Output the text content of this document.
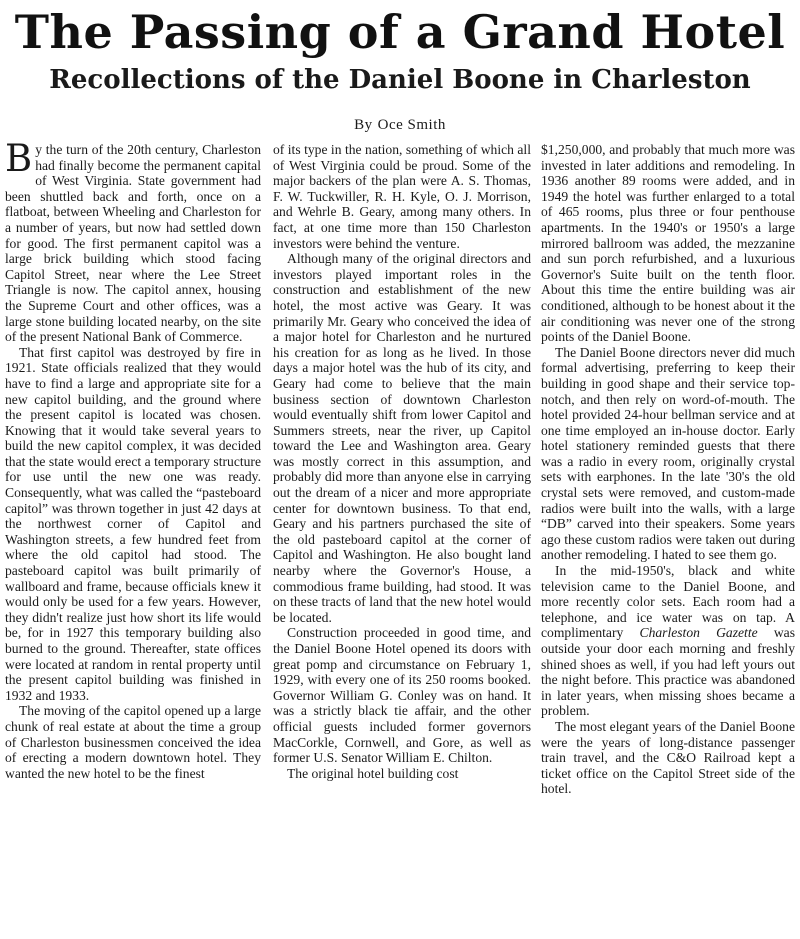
The Passing of a Grand Hotel
Recollections of the Daniel Boone in Charleston
By Oce Smith

By the turn of the 20th century, Charleston had finally become the permanent capital of West Virginia. State government had been shuttled back and forth, once on a flatboat, between Wheeling and Charleston for a number of years, but now had settled down for good. The first permanent capitol was a large brick building which stood facing Capitol Street, near where the Lee Street Triangle is now. The capitol annex, housing the Supreme Court and other offices, was a large stone building located nearby, on the site of the present National Bank of Commerce.

That first capitol was destroyed by fire in 1921. State officials realized that they would have to find a large and appropriate site for a new capitol building, and the ground where the present capitol is located was chosen. Knowing that it would take several years to build the new capitol complex, it was decided that the state would erect a temporary structure for use until the new one was ready. Consequently, what was called the “pasteboard capitol” was thrown together in just 42 days at the northwest corner of Capitol and Washington streets, a few hundred feet from where the old capitol had stood. The pasteboard capitol was built primarily of wallboard and frame, because officials knew it would only be used for a few years. However, they didn't realize just how short its life would be, for in 1927 this temporary building also burned to the ground. Thereafter, state offices were located at random in rental property until the present capitol building was finished in 1932 and 1933.

The moving of the capitol opened up a large chunk of real estate at about the time a group of Charleston businessmen conceived the idea of erecting a modern downtown hotel. They wanted the new hotel to be the finest

of its type in the nation, something of which all of West Virginia could be proud. Some of the major backers of the plan were A. S. Thomas, F. W. Tuckwiller, R. H. Kyle, O. J. Morrison, and Wehrle B. Geary, among many others. In fact, at one time more than 150 Charleston investors were behind the venture.

Although many of the original directors and investors played important roles in the construction and establishment of the new hotel, the most active was Geary. It was primarily Mr. Geary who conceived the idea of a major hotel for Charleston and he nurtured his creation for as long as he lived. In those days a major hotel was the hub of its city, and Geary had come to believe that the main business section of downtown Charleston would eventually shift from lower Capitol and Summers streets, near the river, up Capitol toward the Lee and Washington area. Geary was mostly correct in this assumption, and probably did more than anyone else in carrying out the dream of a nicer and more appropriate center for downtown business. To that end, Geary and his partners purchased the site of the old pasteboard capitol at the corner of Capitol and Washington. He also bought land nearby where the Governor's House, a commodious frame building, had stood. It was on these tracts of land that the new hotel would be located.

Construction proceeded in good time, and the Daniel Boone Hotel opened its doors with great pomp and circumstance on February 1, 1929, with every one of its 250 rooms booked. Governor William G. Conley was on hand. It was a strictly black tie affair, and the other official guests included former governors MacCorkle, Cornwell, and Gore, as well as former U.S. Senator William E. Chilton.

The original hotel building cost

$1,250,000, and probably that much more was invested in later additions and remodeling. In 1936 another 89 rooms were added, and in 1949 the hotel was further enlarged to a total of 465 rooms, plus three or four penthouse apartments. In the 1940's or 1950's a large mirrored ballroom was added, the mezzanine and sun porch refurbished, and a luxurious Governor's Suite built on the tenth floor. About this time the entire building was air conditioned, although to be honest about it the air conditioning was never one of the strong points of the Daniel Boone.

The Daniel Boone directors never did much formal advertising, preferring to keep their building in good shape and their service top-notch, and then rely on word-of-mouth. The hotel provided 24-hour bellman service and at one time employed an in-house doctor. Early hotel stationery reminded guests that there was a radio in every room, originally crystal sets with earphones. In the late '30's the old crystal sets were removed, and custom-made radios were built into the walls, with a large “DB” carved into their speakers. Some years ago these custom radios were taken out during another remodeling. I hated to see them go.

In the mid-1950's, black and white television came to the Daniel Boone, and more recently color sets. Each room had a telephone, and ice water was on tap. A complimentary Charleston Gazette was outside your door each morning and freshly shined shoes as well, if you had left yours out the night before. This practice was abandoned in later years, when missing shoes became a problem.

The most elegant years of the Daniel Boone were the years of long-distance passenger train travel, and the C&O Railroad kept a ticket office on the Capitol Street side of the hotel.
